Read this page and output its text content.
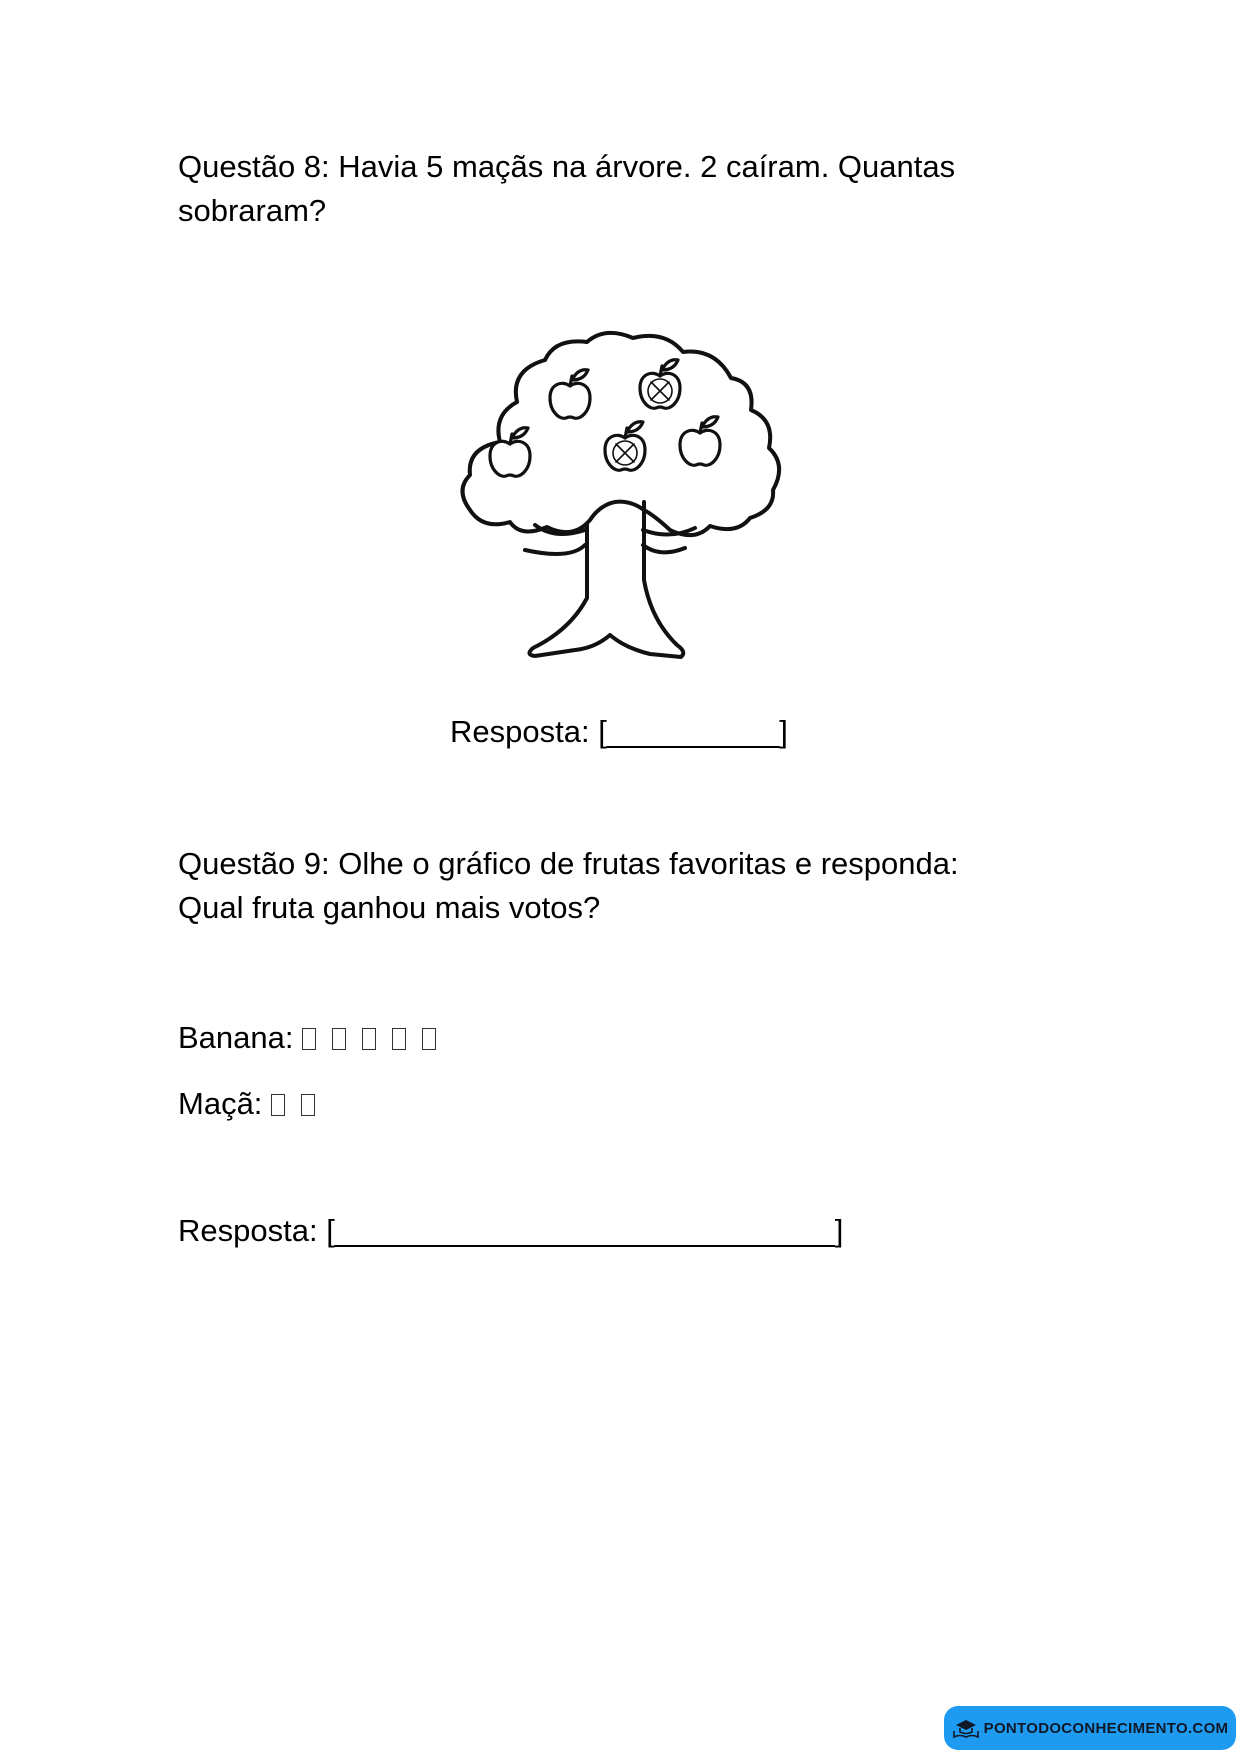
Questão 8: Havia 5 maçãs na árvore. 2 caíram. Quantas
sobraram?
Resposta: [__________]
Questão 9: Olhe o gráfico de frutas favoritas e responda:
Qual fruta ganhou mais votos?
Banana:
Maçã:
Resposta: [_____________________________]
PONTODOCONHECIMENTO.COM
